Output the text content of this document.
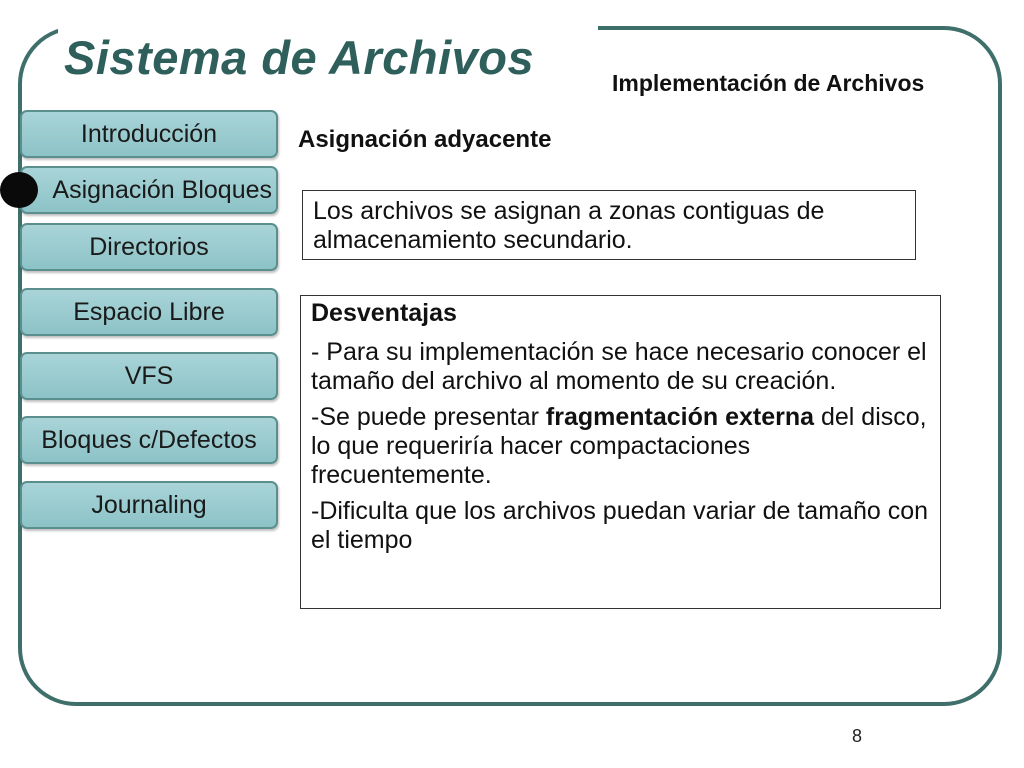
Sistema de Archivos	Implementación de Archivos
Introducción
Asignación Bloques
Directorios
Espacio Libre
VFS
Bloques c/Defectos
Journaling
Asignación adyacente
Los archivos se asignan a zonas contiguas de almacenamiento secundario.

Desventajas

- Para su implementación se hace necesario conocer el tamaño del archivo al momento de su creación.

-Se puede presentar fragmentación externa del disco, lo que requeriría hacer compactaciones frecuentemente.

-Dificulta que los archivos puedan variar de tamaño con el tiempo

8
